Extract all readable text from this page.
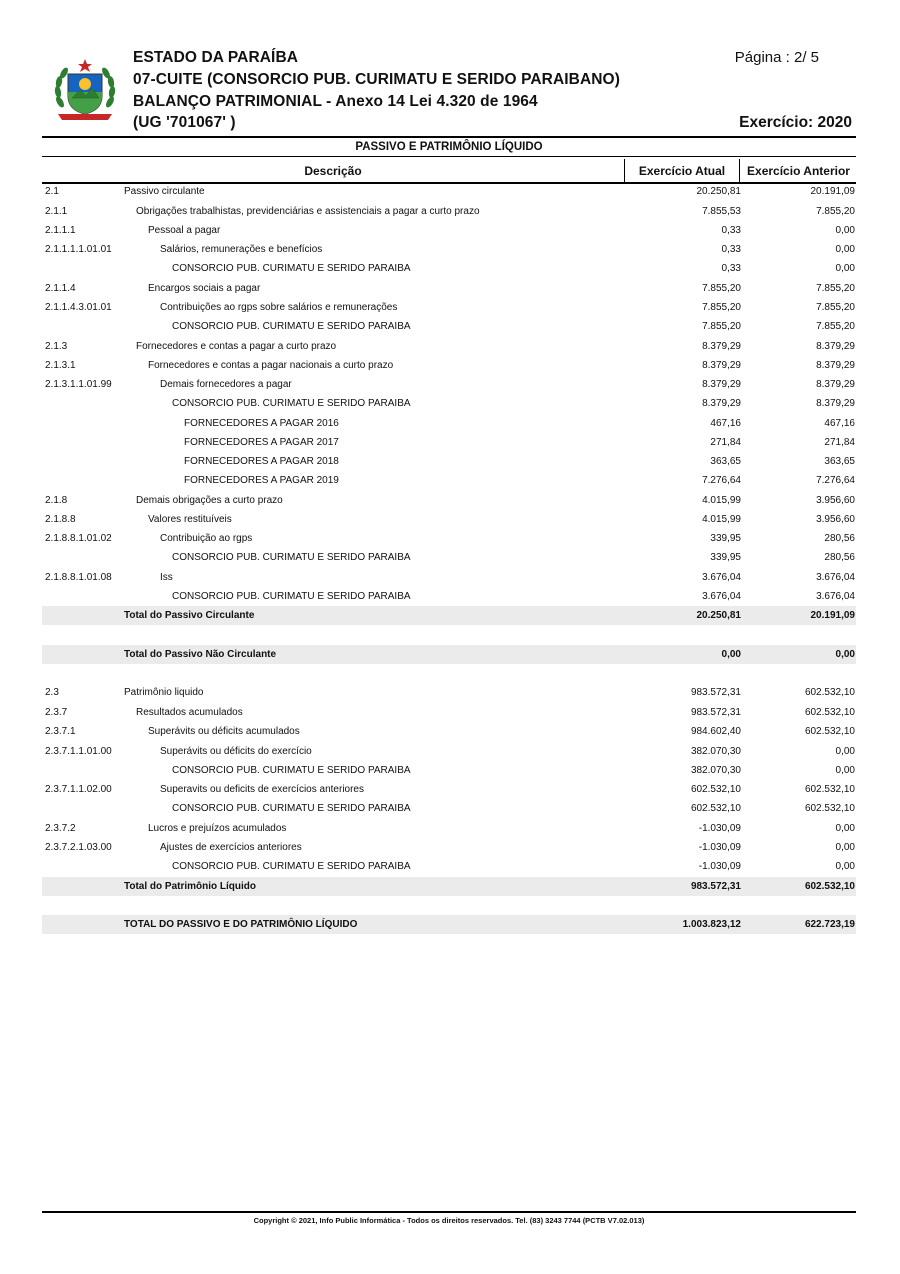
ESTADO DA PARAÍBA
07-CUITE (CONSORCIO PUB. CURIMATU E SERIDO PARAIBANO)
BALANÇO PATRIMONIAL - Anexo 14 Lei 4.320 de 1964
(UG '701067' )
Página : 2/ 5
Exercício: 2020
PASSIVO E PATRIMÔNIO LÍQUIDO
Descrição	Exercício Atual	Exercício Anterior
2.1	Passivo circulante	20.250,81	20.191,09
2.1.1	Obrigações trabalhistas, previdenciárias e assistenciais a pagar a curto prazo	7.855,53	7.855,20
2.1.1.1	Pessoal a pagar	0,33	0,00
2.1.1.1.1.01.01	Salários, remunerações e benefícios	0,33	0,00
CONSORCIO PUB. CURIMATU E SERIDO PARAIBA	0,33	0,00
2.1.1.4	Encargos sociais a pagar	7.855,20	7.855,20
2.1.1.4.3.01.01	Contribuições ao rgps sobre salários e remunerações	7.855,20	7.855,20
CONSORCIO PUB. CURIMATU E SERIDO PARAIBA	7.855,20	7.855,20
2.1.3	Fornecedores e contas a pagar a curto prazo	8.379,29	8.379,29
2.1.3.1	Fornecedores e contas a pagar nacionais a curto prazo	8.379,29	8.379,29
2.1.3.1.1.01.99	Demais fornecedores a pagar	8.379,29	8.379,29
CONSORCIO PUB. CURIMATU E SERIDO PARAIBA	8.379,29	8.379,29
FORNECEDORES A PAGAR 2016	467,16	467,16
FORNECEDORES A PAGAR 2017	271,84	271,84
FORNECEDORES A PAGAR 2018	363,65	363,65
FORNECEDORES A PAGAR 2019	7.276,64	7.276,64
2.1.8	Demais obrigações a curto prazo	4.015,99	3.956,60
2.1.8.8	Valores restituíveis	4.015,99	3.956,60
2.1.8.8.1.01.02	Contribuição ao rgps	339,95	280,56
CONSORCIO PUB. CURIMATU E SERIDO PARAIBA	339,95	280,56
2.1.8.8.1.01.08	Iss	3.676,04	3.676,04
CONSORCIO PUB. CURIMATU E SERIDO PARAIBA	3.676,04	3.676,04
Total do Passivo Circulante	20.250,81	20.191,09
Total do Passivo Não Circulante	0,00	0,00
2.3	Patrimônio liquido	983.572,31	602.532,10
2.3.7	Resultados acumulados	983.572,31	602.532,10
2.3.7.1	Superávits ou déficits acumulados	984.602,40	602.532,10
2.3.7.1.1.01.00	Superávits ou déficits do exercício	382.070,30	0,00
CONSORCIO PUB. CURIMATU E SERIDO PARAIBA	382.070,30	0,00
2.3.7.1.1.02.00	Superavits ou deficits de exercícios anteriores	602.532,10	602.532,10
CONSORCIO PUB. CURIMATU E SERIDO PARAIBA	602.532,10	602.532,10
2.3.7.2	Lucros e prejuízos acumulados	-1.030,09	0,00
2.3.7.2.1.03.00	Ajustes de exercícios anteriores	-1.030,09	0,00
CONSORCIO PUB. CURIMATU E SERIDO PARAIBA	-1.030,09	0,00
Total do Patrimônio Líquido	983.572,31	602.532,10
TOTAL DO PASSIVO E DO PATRIMÔNIO LÍQUIDO	1.003.823,12	622.723,19
Copyright © 2021, Info Public Informática - Todos os direitos reservados. Tel. (83) 3243 7744 (PCTB V7.02.013)
